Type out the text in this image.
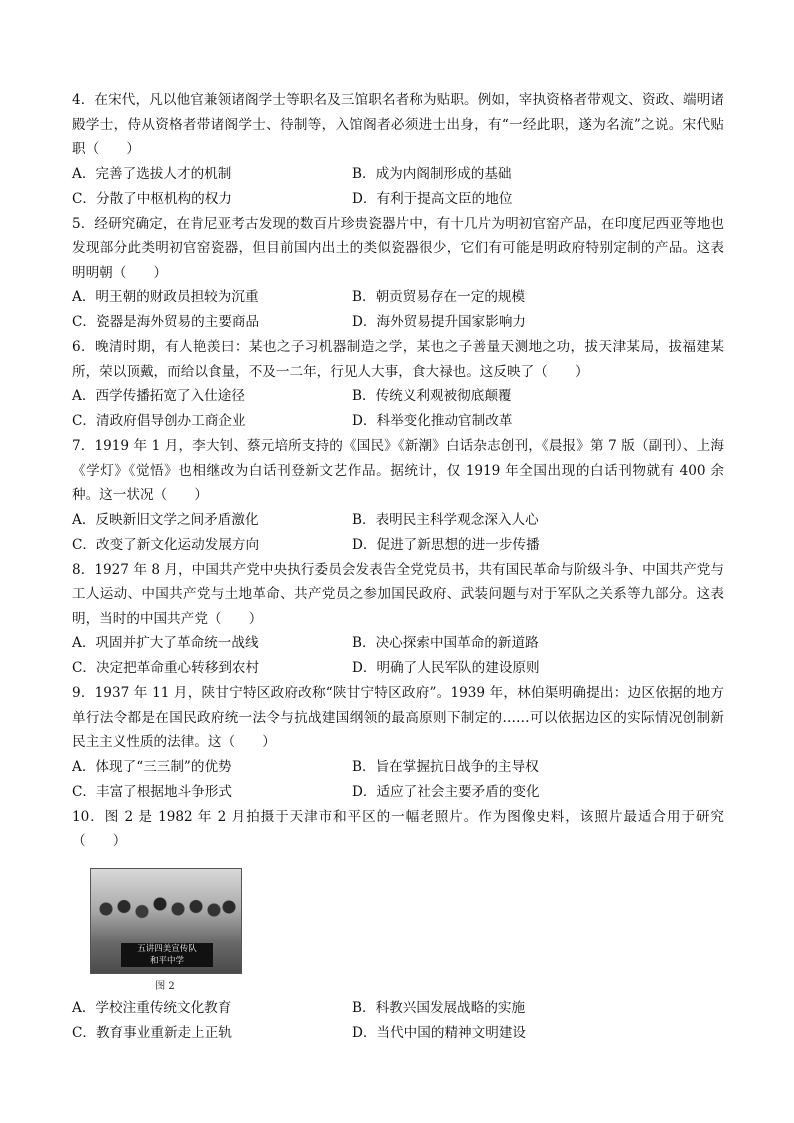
4．在宋代，凡以他官兼领诸阁学士等职名及三馆职名者称为贴职。例如，宰执资格者带观文、资政、端明诸殿学士，侍从资格者带诸阁学士、待制等，入馆阁者必须进士出身，有“一经此职，遂为名流”之说。宋代贴职（　　）

A．完善了选拔人才的机制	B．成为内阁制形成的基础
C．分散了中枢机构的权力	D．有利于提高文臣的地位

5．经研究确定，在肯尼亚考古发现的数百片珍贵瓷器片中，有十几片为明初官窑产品，在印度尼西亚等地也发现部分此类明初官窑瓷器，但目前国内出土的类似瓷器很少，它们有可能是明政府特别定制的产品。这表明明朝（　　）

A．明王朝的财政员担较为沉重	B．朝贡贸易存在一定的规模
C．瓷器是海外贸易的主要商品	D．海外贸易提升国家影响力

6．晚清时期，有人艳羡曰：某也之子习机器制造之学，某也之子善量天测地之功，拔天津某局，拔福建某所，荣以顶戴，而给以食量，不及一二年，行见人大事，食大禄也。这反映了（　　）

A．西学传播拓宽了入仕途径	B．传统义利观被彻底颠覆
C．清政府倡导创办工商企业	D．科举变化推动官制改革

7．1919 年 1 月，李大钊、蔡元培所支持的《国民》《新潮》白话杂志创刊，《晨报》第 7 版（副刊）、上海《学灯》《觉悟》也相继改为白话刊登新文艺作品。据统计，仅 1919 年全国出现的白话刊物就有 400 余种。这一状况（　　）

A．反映新旧文学之间矛盾激化	B．表明民主科学观念深入人心
C．改变了新文化运动发展方向	D．促进了新思想的进一步传播

8．1927 年 8 月，中国共产党中央执行委员会发表告全党党员书，共有国民革命与阶级斗争、中国共产党与工人运动、中国共产党与土地革命、共产党员之参加国民政府、武装问题与对于军队之关系等九部分。这表明，当时的中国共产党（　　）

A．巩固并扩大了革命统一战线	B．决心探索中国革命的新道路
C．决定把革命重心转移到农村	D．明确了人民军队的建设原则

9．1937 年 11 月，陕甘宁特区政府改称“陕甘宁特区政府”。1939 年，林伯渠明确提出：边区依据的地方单行法令都是在国民政府统一法令与抗战建国纲领的最高原则下制定的……可以依据边区的实际情况创制新民主主义性质的法律。这（　　）

A．体现了“三三制”的优势	B．旨在掌握抗日战争的主导权
C．丰富了根据地斗争形式	D．适应了社会主要矛盾的变化

10．图 2 是 1982 年 2 月拍摄于天津市和平区的一幅老照片。作为图像史料，该照片最适合用于研究（　　）

五讲四美宣传队
和平中学
图 2
A．学校注重传统文化教育	B．科教兴国发展战略的实施
C．教育事业重新走上正轨	D．当代中国的精神文明建设
